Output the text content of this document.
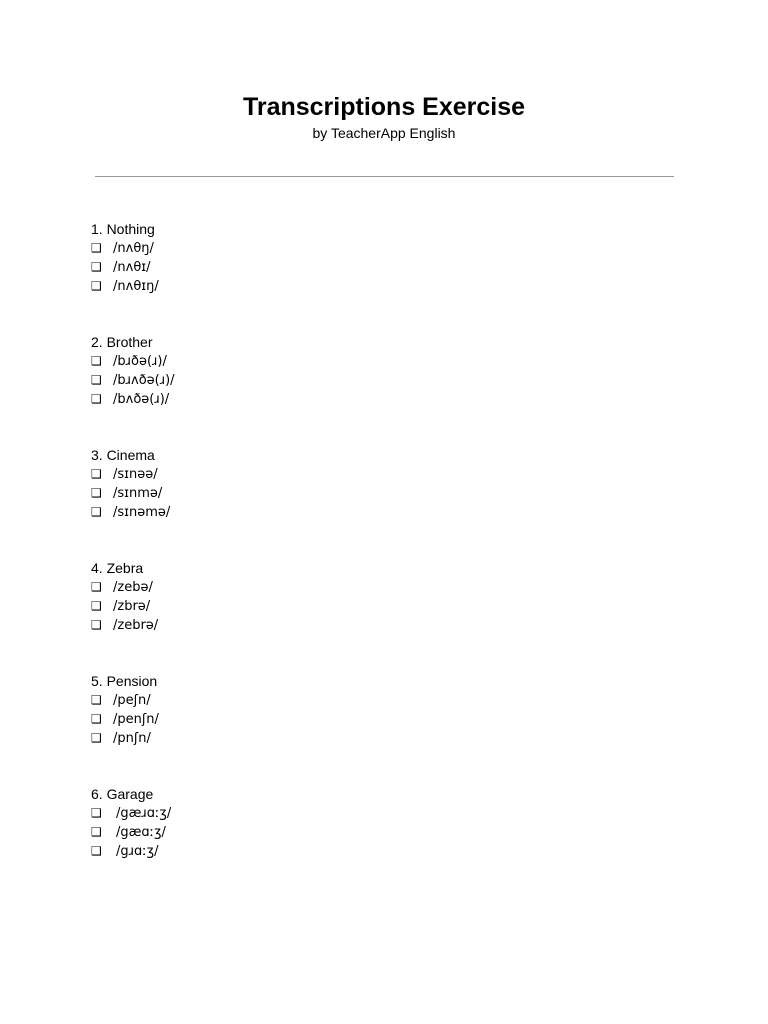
Transcriptions Exercise

by TeacherApp English

1. Nothing
❑ /nʌθŋ/
❑ /nʌθɪ/
❑ /nʌθɪŋ/
2. Brother
❑ /bɹðə(ɹ)/
❑ /bɹʌðə(ɹ)/
❑ /bʌðə(ɹ)/
3. Cinema
❑ /sɪnəə/
❑ /sɪnmə/
❑ /sɪnəmə/
4. Zebra
❑ /zebə/
❑ /zbrə/
❑ /zebrə/
5. Pension
❑ /peʃn/
❑ /penʃn/
❑ /pnʃn/
6. Garage
❑	/gæɹɑːʒ/
❑	/gæɑːʒ/
❑	/gɹɑːʒ/
